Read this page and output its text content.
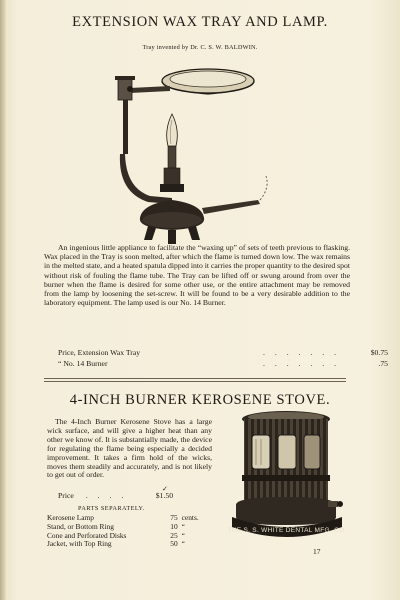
EXTENSION WAX TRAY AND LAMP.
Tray invented by Dr. C. S. W. BALDWIN.

An ingenious little appliance to facilitate the “waxing up” of sets of teeth previous to flasking. Wax placed in the Tray is soon melted, after which the flame is turned down low. The wax remains in the melted state, and a heated spatula dipped into it carries the proper quantity to the desired spot without risk of fouling the flame tube. The Tray can be lifted off or swung around from over the burner when the flame is desired for some other use, or the entire attachment may be removed from the lamp by loosening the set-screw. It will be found to be a very desirable addition to the laboratory equipment. The lamp used is our No. 14 Burner.

Price, Extension Wax Tray	. . . . . . .	$0.75
“ No. 14 Burner	. . . . . . .	.75
4-INCH BURNER KEROSENE STOVE.

The 4-Inch Burner Kerosene Stove has a large wick surface, and will give a higher heat than any other we know of. It is substantially made, the device for regulating the flame being especially a decided improvement. It takes a firm hold of the wicks, moves them steadily and accurately, and is not likely to get out of order.

✓
Price	. . . .	$1.50
PARTS SEPARATELY.
Kerosene Lamp	75 cents.
Stand, or Bottom Ring	10 “
Cone and Perforated Disks	25 “
Jacket, with Top Ring	50 “
THE S. S. WHITE DENTAL MFG. CO.
17
